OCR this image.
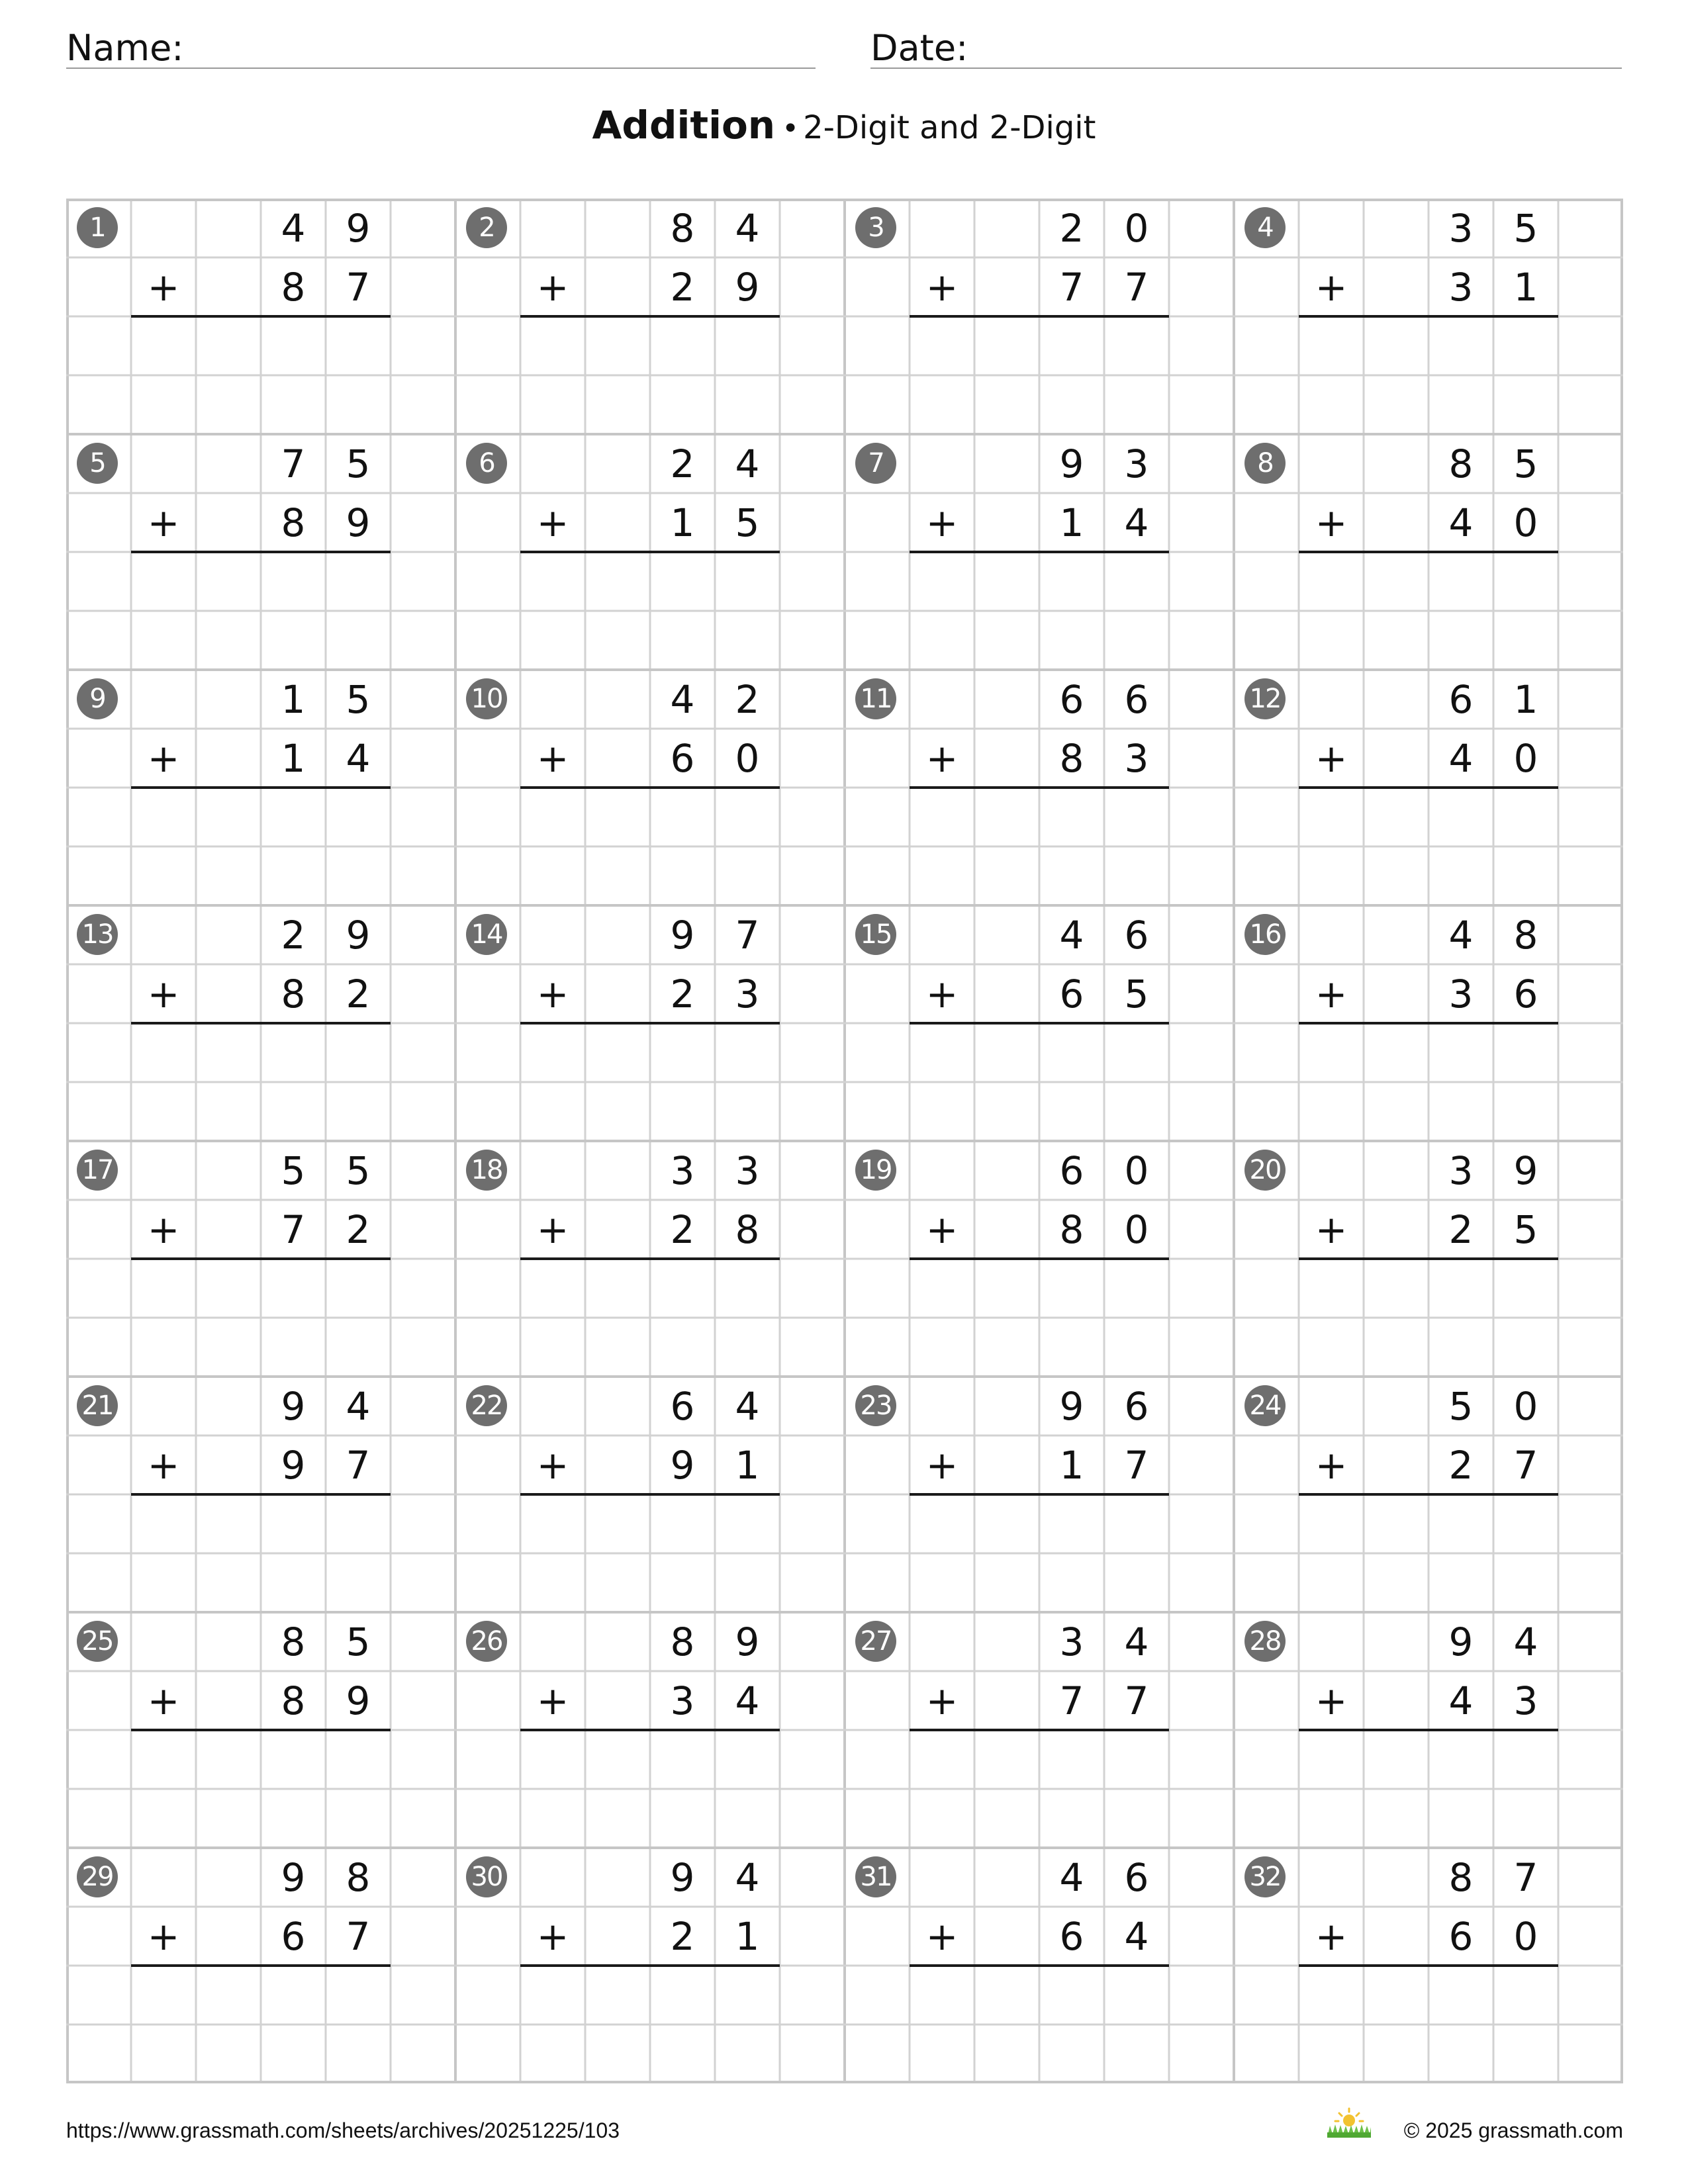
Name:	Date:
Addition • 2-Digit and 2-Digit
1	4	9
+	8	7
2	8	4
+	2	9
3	2	0
+	7	7
4	3	5
+	3	1
5	7	5
+	8	9
6	2	4
+	1	5
7	9	3
+	1	4
8	8	5
+	4	0
9	1	5
+	1	4
10	4	2
+	6	0
11	6	6
+	8	3
12	6	1
+	4	0
13	2	9
+	8	2
14	9	7
+	2	3
15	4	6
+	6	5
16	4	8
+	3	6
17	5	5
+	7	2
18	3	3
+	2	8
19	6	0
+	8	0
20	3	9
+	2	5
21	9	4
+	9	7
22	6	4
+	9	1
23	9	6
+	1	7
24	5	0
+	2	7
25	8	5
+	8	9
26	8	9
+	3	4
27	3	4
+	7	7
28	9	4
+	4	3
29	9	8
+	6	7
30	9	4
+	2	1
31	4	6
+	6	4
32	8	7
+	6	0
https://www.grassmath.com/sheets/archives/20251225/103	© 2025 grassmath.com
